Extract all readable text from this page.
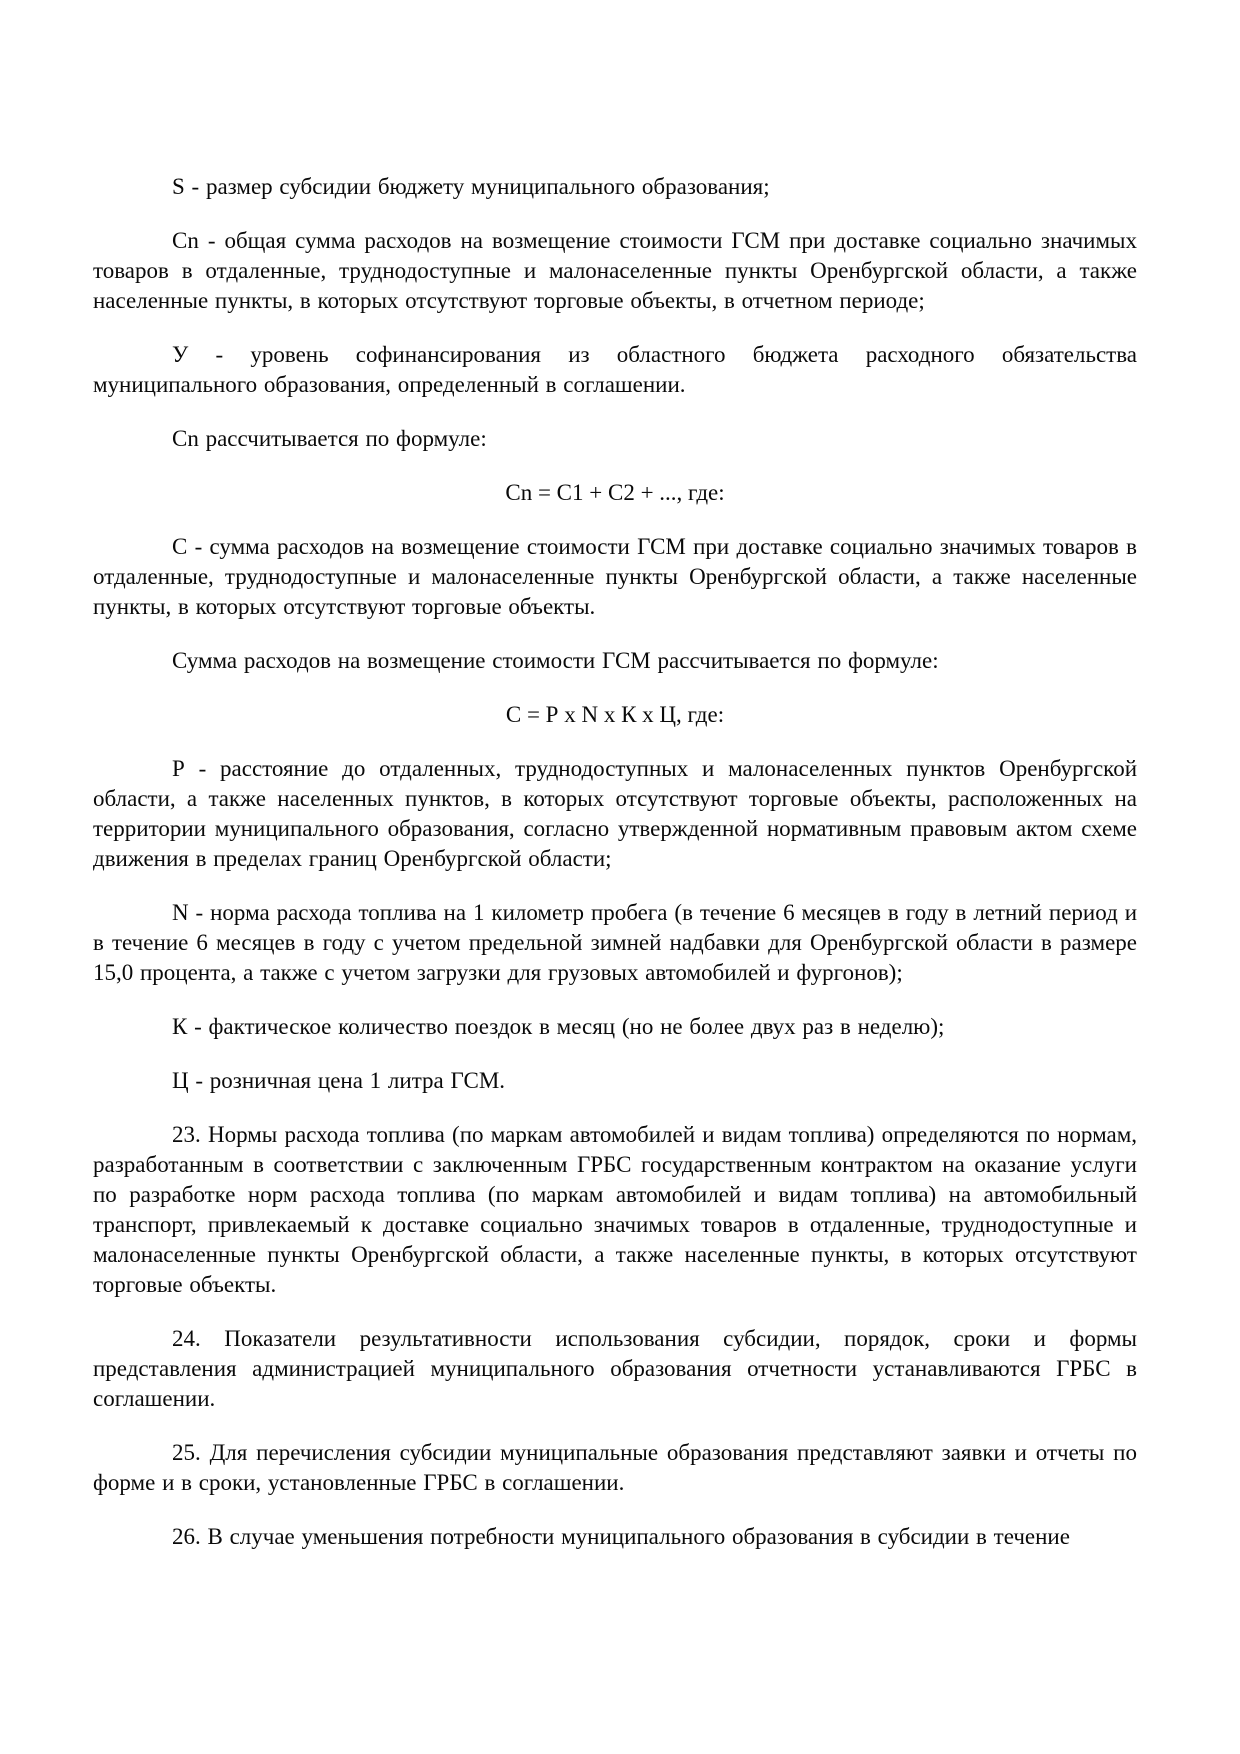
S - размер субсидии бюджету муниципального образования;

Cn - общая сумма расходов на возмещение стоимости ГСМ при доставке социально значимых товаров в отдаленные, труднодоступные и малонаселенные пункты Оренбургской области, а также населенные пункты, в которых отсутствуют торговые объекты, в отчетном периоде;

У - уровень софинансирования из областного бюджета расходного обязательства муниципального образования, определенный в соглашении.

Cn рассчитывается по формуле:

Cn = C1 + C2 + ..., где:

С - сумма расходов на возмещение стоимости ГСМ при доставке социально значимых товаров в отдаленные, труднодоступные и малонаселенные пункты Оренбургской области, а также населенные пункты, в которых отсутствуют торговые объекты.

Сумма расходов на возмещение стоимости ГСМ рассчитывается по формуле:

С = Р х N х К х Ц, где:

Р - расстояние до отдаленных, труднодоступных и малонаселенных пунктов Оренбургской области, а также населенных пунктов, в которых отсутствуют торговые объекты, расположенных на территории муниципального образования, согласно утвержденной нормативным правовым актом схеме движения в пределах границ Оренбургской области;

N - норма расхода топлива на 1 километр пробега (в течение 6 месяцев в году в летний период и в течение 6 месяцев в году с учетом предельной зимней надбавки для Оренбургской области в размере 15,0 процента, а также с учетом загрузки для грузовых автомобилей и фургонов);

К - фактическое количество поездок в месяц (но не более двух раз в неделю);

Ц - розничная цена 1 литра ГСМ.

23. Нормы расхода топлива (по маркам автомобилей и видам топлива) определяются по нормам, разработанным в соответствии с заключенным ГРБС государственным контрактом на оказание услуги по разработке норм расхода топлива (по маркам автомобилей и видам топлива) на автомобильный транспорт, привлекаемый к доставке социально значимых товаров в отдаленные, труднодоступные и малонаселенные пункты Оренбургской области, а также населенные пункты, в которых отсутствуют торговые объекты.

24. Показатели результативности использования субсидии, порядок, сроки и формы представления администрацией муниципального образования отчетности устанавливаются ГРБС в соглашении.

25. Для перечисления субсидии муниципальные образования представляют заявки и отчеты по форме и в сроки, установленные ГРБС в соглашении.

26. В случае уменьшения потребности муниципального образования в субсидии в течение
